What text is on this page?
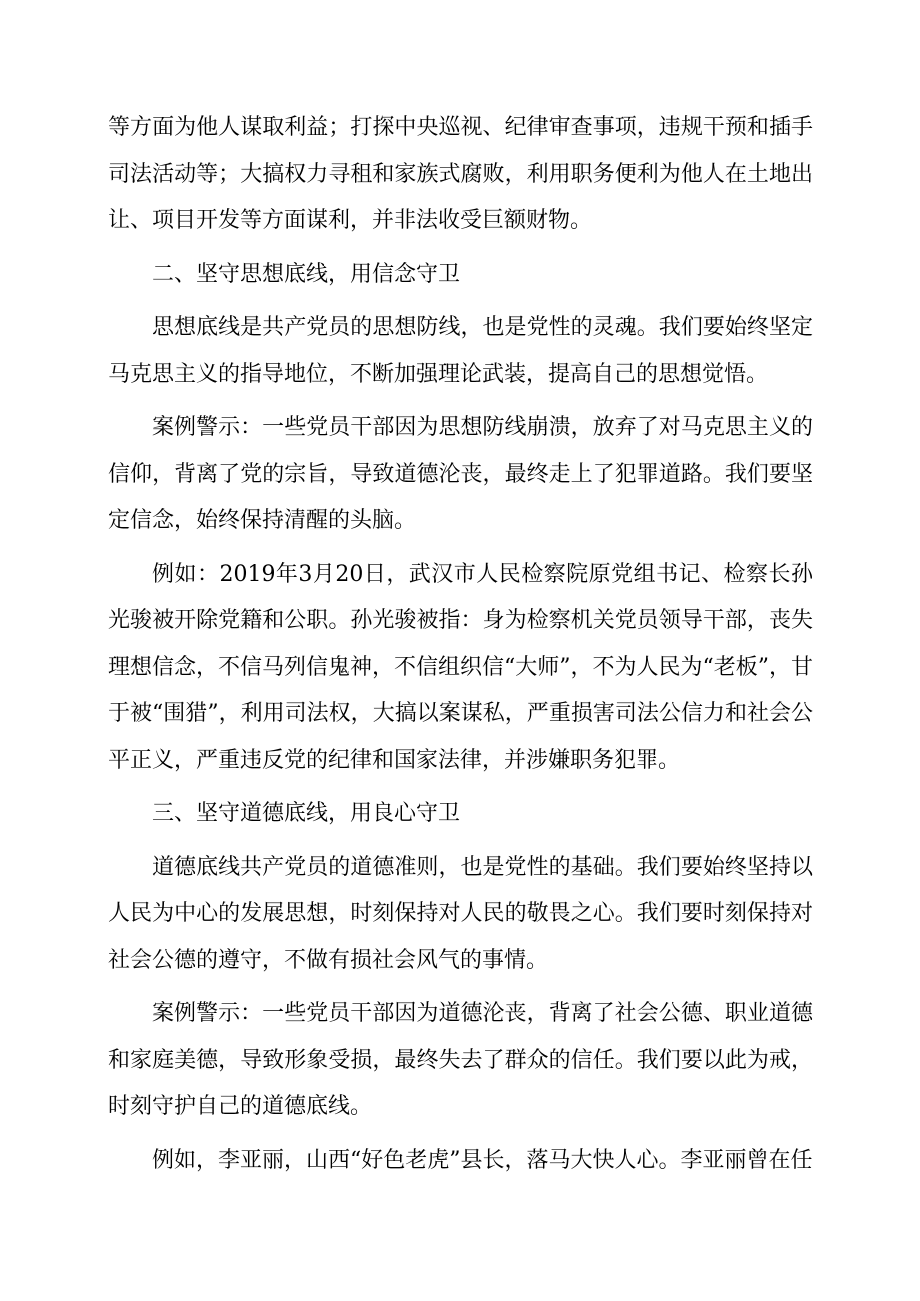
等方面为他人谋取利益；打探中央巡视、纪律审查事项，违规干预和插手司法活动等；大搞权力寻租和家族式腐败，利用职务便利为他人在土地出让、项目开发等方面谋利，并非法收受巨额财物。

二、坚守思想底线，用信念守卫

思想底线是共产党员的思想防线，也是党性的灵魂。我们要始终坚定马克思主义的指导地位，不断加强理论武装，提高自己的思想觉悟。

案例警示：一些党员干部因为思想防线崩溃，放弃了对马克思主义的信仰，背离了党的宗旨，导致道德沦丧，最终走上了犯罪道路。我们要坚定信念，始终保持清醒的头脑。

例如：2019年3月20日，武汉市人民检察院原党组书记、检察长孙光骏被开除党籍和公职。孙光骏被指：身为检察机关党员领导干部，丧失理想信念，不信马列信鬼神，不信组织信“大师”，不为人民为“老板”，甘于被“围猎”，利用司法权，大搞以案谋私，严重损害司法公信力和社会公平正义，严重违反党的纪律和国家法律，并涉嫌职务犯罪。

三、坚守道德底线，用良心守卫

道德底线共产党员的道德准则，也是党性的基础。我们要始终坚持以人民为中心的发展思想，时刻保持对人民的敬畏之心。我们要时刻保持对社会公德的遵守，不做有损社会风气的事情。

案例警示：一些党员干部因为道德沦丧，背离了社会公德、职业道德和家庭美德，导致形象受损，最终失去了群众的信任。我们要以此为戒，时刻守护自己的道德底线。

例如，李亚丽，山西“好色老虎”县长，落马大快人心。李亚丽曾在任
